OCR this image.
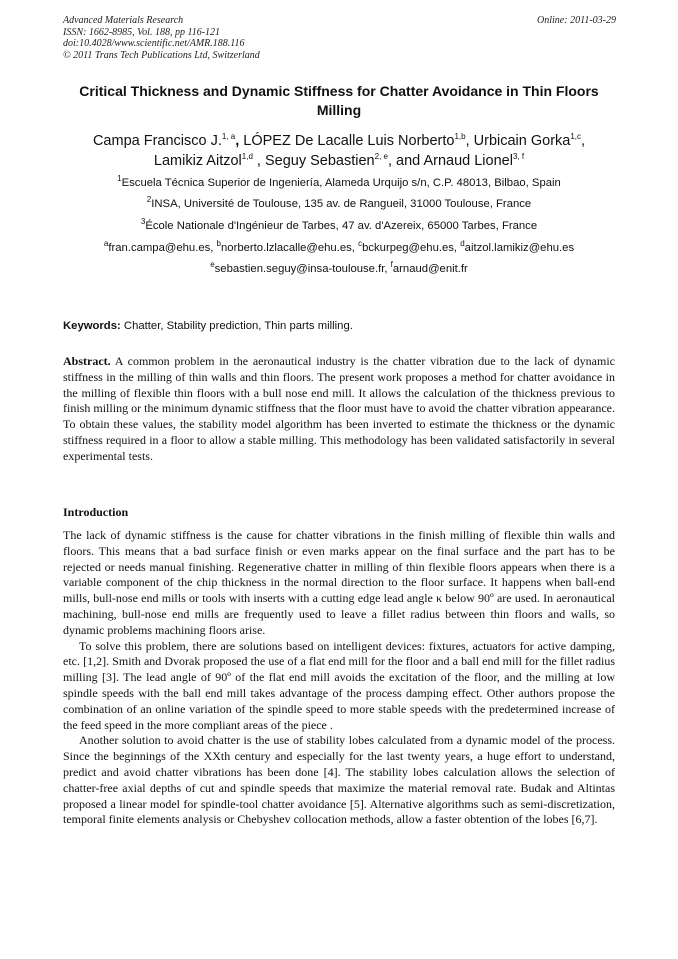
Advanced Materials Research
ISSN: 1662-8985, Vol. 188, pp 116-121
doi:10.4028/www.scientific.net/AMR.188.116
© 2011 Trans Tech Publications Ltd, Switzerland
Online: 2011-03-29
Critical Thickness and Dynamic Stiffness for Chatter Avoidance in Thin Floors Milling
Campa Francisco J.$^{1, a}$, LÓPEZ De Lacalle Luis Norberto$^{1,b}$, Urbicain Gorka$^{1,c}$,
Lamikiz Aitzol$^{1,d}$ , Seguy Sebastien$^{2, e}$, and Arnaud Lionel$^{3, f}$
$^1$Escuela Técnica Superior de Ingeniería, Alameda Urquijo s/n, C.P. 48013, Bilbao, Spain
$^2$INSA, Université de Toulouse, 135 av. de Rangueil, 31000 Toulouse, France
$^3$École Nationale d'Ingénieur de Tarbes, 47 av. d'Azereix, 65000 Tarbes, France
$^a$fran.campa@ehu.es, $^b$norberto.lzlacalle@ehu.es, $^c$bckurpeg@ehu.es, $^d$aitzol.lamikiz@ehu.es
$^e$sebastien.seguy@insa-toulouse.fr, $^f$arnaud@enit.fr
Keywords: Chatter, Stability prediction, Thin parts milling.

Abstract. A common problem in the aeronautical industry is the chatter vibration due to the lack of dynamic stiffness in the milling of thin walls and thin floors. The present work proposes a method for chatter avoidance in the milling of flexible thin floors with a bull nose end mill. It allows the calculation of the thickness previous to finish milling or the minimum dynamic stiffness that the floor must have to avoid the chatter vibration appearance. To obtain these values, the stability model algorithm has been inverted to estimate the thickness or the dynamic stiffness required in a floor to allow a stable milling. This methodology has been validated satisfactorily in several experimental tests.

Introduction

The lack of dynamic stiffness is the cause for chatter vibrations in the finish milling of flexible thin walls and floors. This means that a bad surface finish or even marks appear on the final surface and the part has to be rejected or needs manual finishing. Regenerative chatter in milling of thin flexible floors appears when there is a variable component of the chip thickness in the normal direction to the floor surface. It happens when ball-end mills, bull-nose end mills or tools with inserts with a cutting edge lead angle κ below 90º are used. In aeronautical machining, bull-nose end mills are frequently used to leave a fillet radius between thin floors and walls, so dynamic problems machining floors arise.

To solve this problem, there are solutions based on intelligent devices: fixtures, actuators for active damping, etc. [1,2]. Smith and Dvorak proposed the use of a flat end mill for the floor and a ball end mill for the fillet radius milling [3]. The lead angle of 90º of the flat end mill avoids the excitation of the floor, and the milling at low spindle speeds with the ball end mill takes advantage of the process damping effect. Other authors propose the combination of an online variation of the spindle speed to more stable speeds with the predetermined increase of the feed speed in the more compliant areas of the piece .

Another solution to avoid chatter is the use of stability lobes calculated from a dynamic model of the process. Since the beginnings of the XXth century and especially for the last twenty years, a huge effort to understand, predict and avoid chatter vibrations has been done [4]. The stability lobes calculation allows the selection of chatter-free axial depths of cut and spindle speeds that maximize the material removal rate. Budak and Altintas proposed a linear model for spindle-tool chatter avoidance [5]. Alternative algorithms such as semi-discretization, temporal finite elements analysis or Chebyshev collocation methods, allow a faster obtention of the lobes [6,7].
